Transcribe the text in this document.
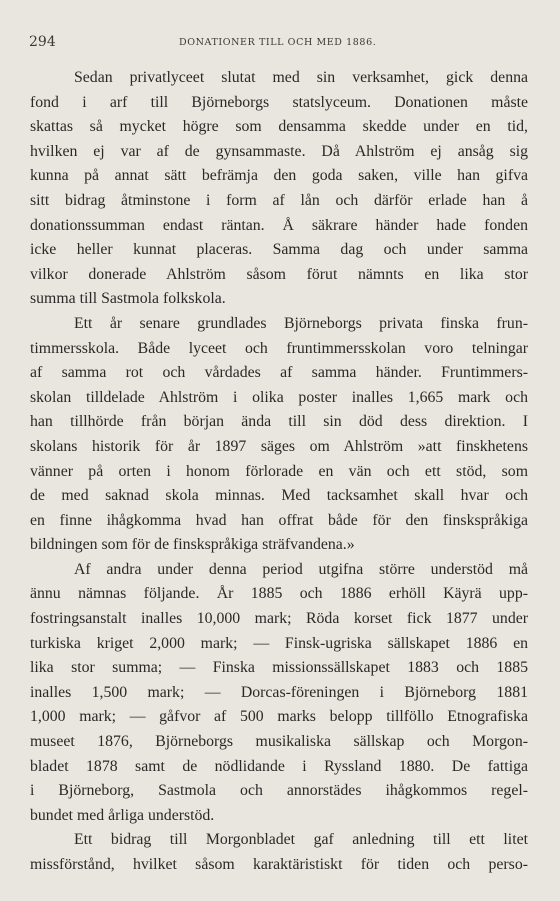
294	DONATIONER TILL OCH MED 1886.
Sedan privatlyceet slutat med sin verksamhet, gick denna
fond i arf till Björneborgs statslyceum. Donationen måste
skattas så mycket högre som densamma skedde under en tid,
hvilken ej var af de gynsammaste. Då Ahlström ej ansåg sig
kunna på annat sätt befrämja den goda saken, ville han gifva
sitt bidrag åtminstone i form af lån och därför erlade han å
donationssumman endast räntan. Å säkrare händer hade fonden
icke heller kunnat placeras. Samma dag och under samma
vilkor donerade Ahlström såsom förut nämnts en lika stor
summa till Sastmola folkskola.
Ett år senare grundlades Björneborgs privata finska frun-
timmersskola. Både lyceet och fruntimmersskolan voro telningar
af samma rot och vårdades af samma händer. Fruntimmers-
skolan tilldelade Ahlström i olika poster inalles 1,665 mark och
han tillhörde från början ända till sin död dess direktion. I
skolans historik för år 1897 säges om Ahlström »att finskhetens
vänner på orten i honom förlorade en vän och ett stöd, som
de med saknad skola minnas. Med tacksamhet skall hvar och
en finne ihågkomma hvad han offrat både för den finskspråkiga
bildningen som för de finskspråkiga sträfvandena.»
Af andra under denna period utgifna större understöd må
ännu nämnas följande. År 1885 och 1886 erhöll Käyrä upp-
fostringsanstalt inalles 10,000 mark; Röda korset fick 1877 under
turkiska kriget 2,000 mark; — Finsk-ugriska sällskapet 1886 en
lika stor summa; — Finska missionssällskapet 1883 och 1885
inalles 1,500 mark; — Dorcas-föreningen i Björneborg 1881
1,000 mark; — gåfvor af 500 marks belopp tillföllo Etnografiska
museet 1876, Björneborgs musikaliska sällskap och Morgon-
bladet 1878 samt de nödlidande i Ryssland 1880. De fattiga
i Björneborg, Sastmola och annorstädes ihågkommos regel-
bundet med årliga understöd.
Ett bidrag till Morgonbladet gaf anledning till ett litet
missförstånd, hvilket såsom karaktäristiskt för tiden och perso-
